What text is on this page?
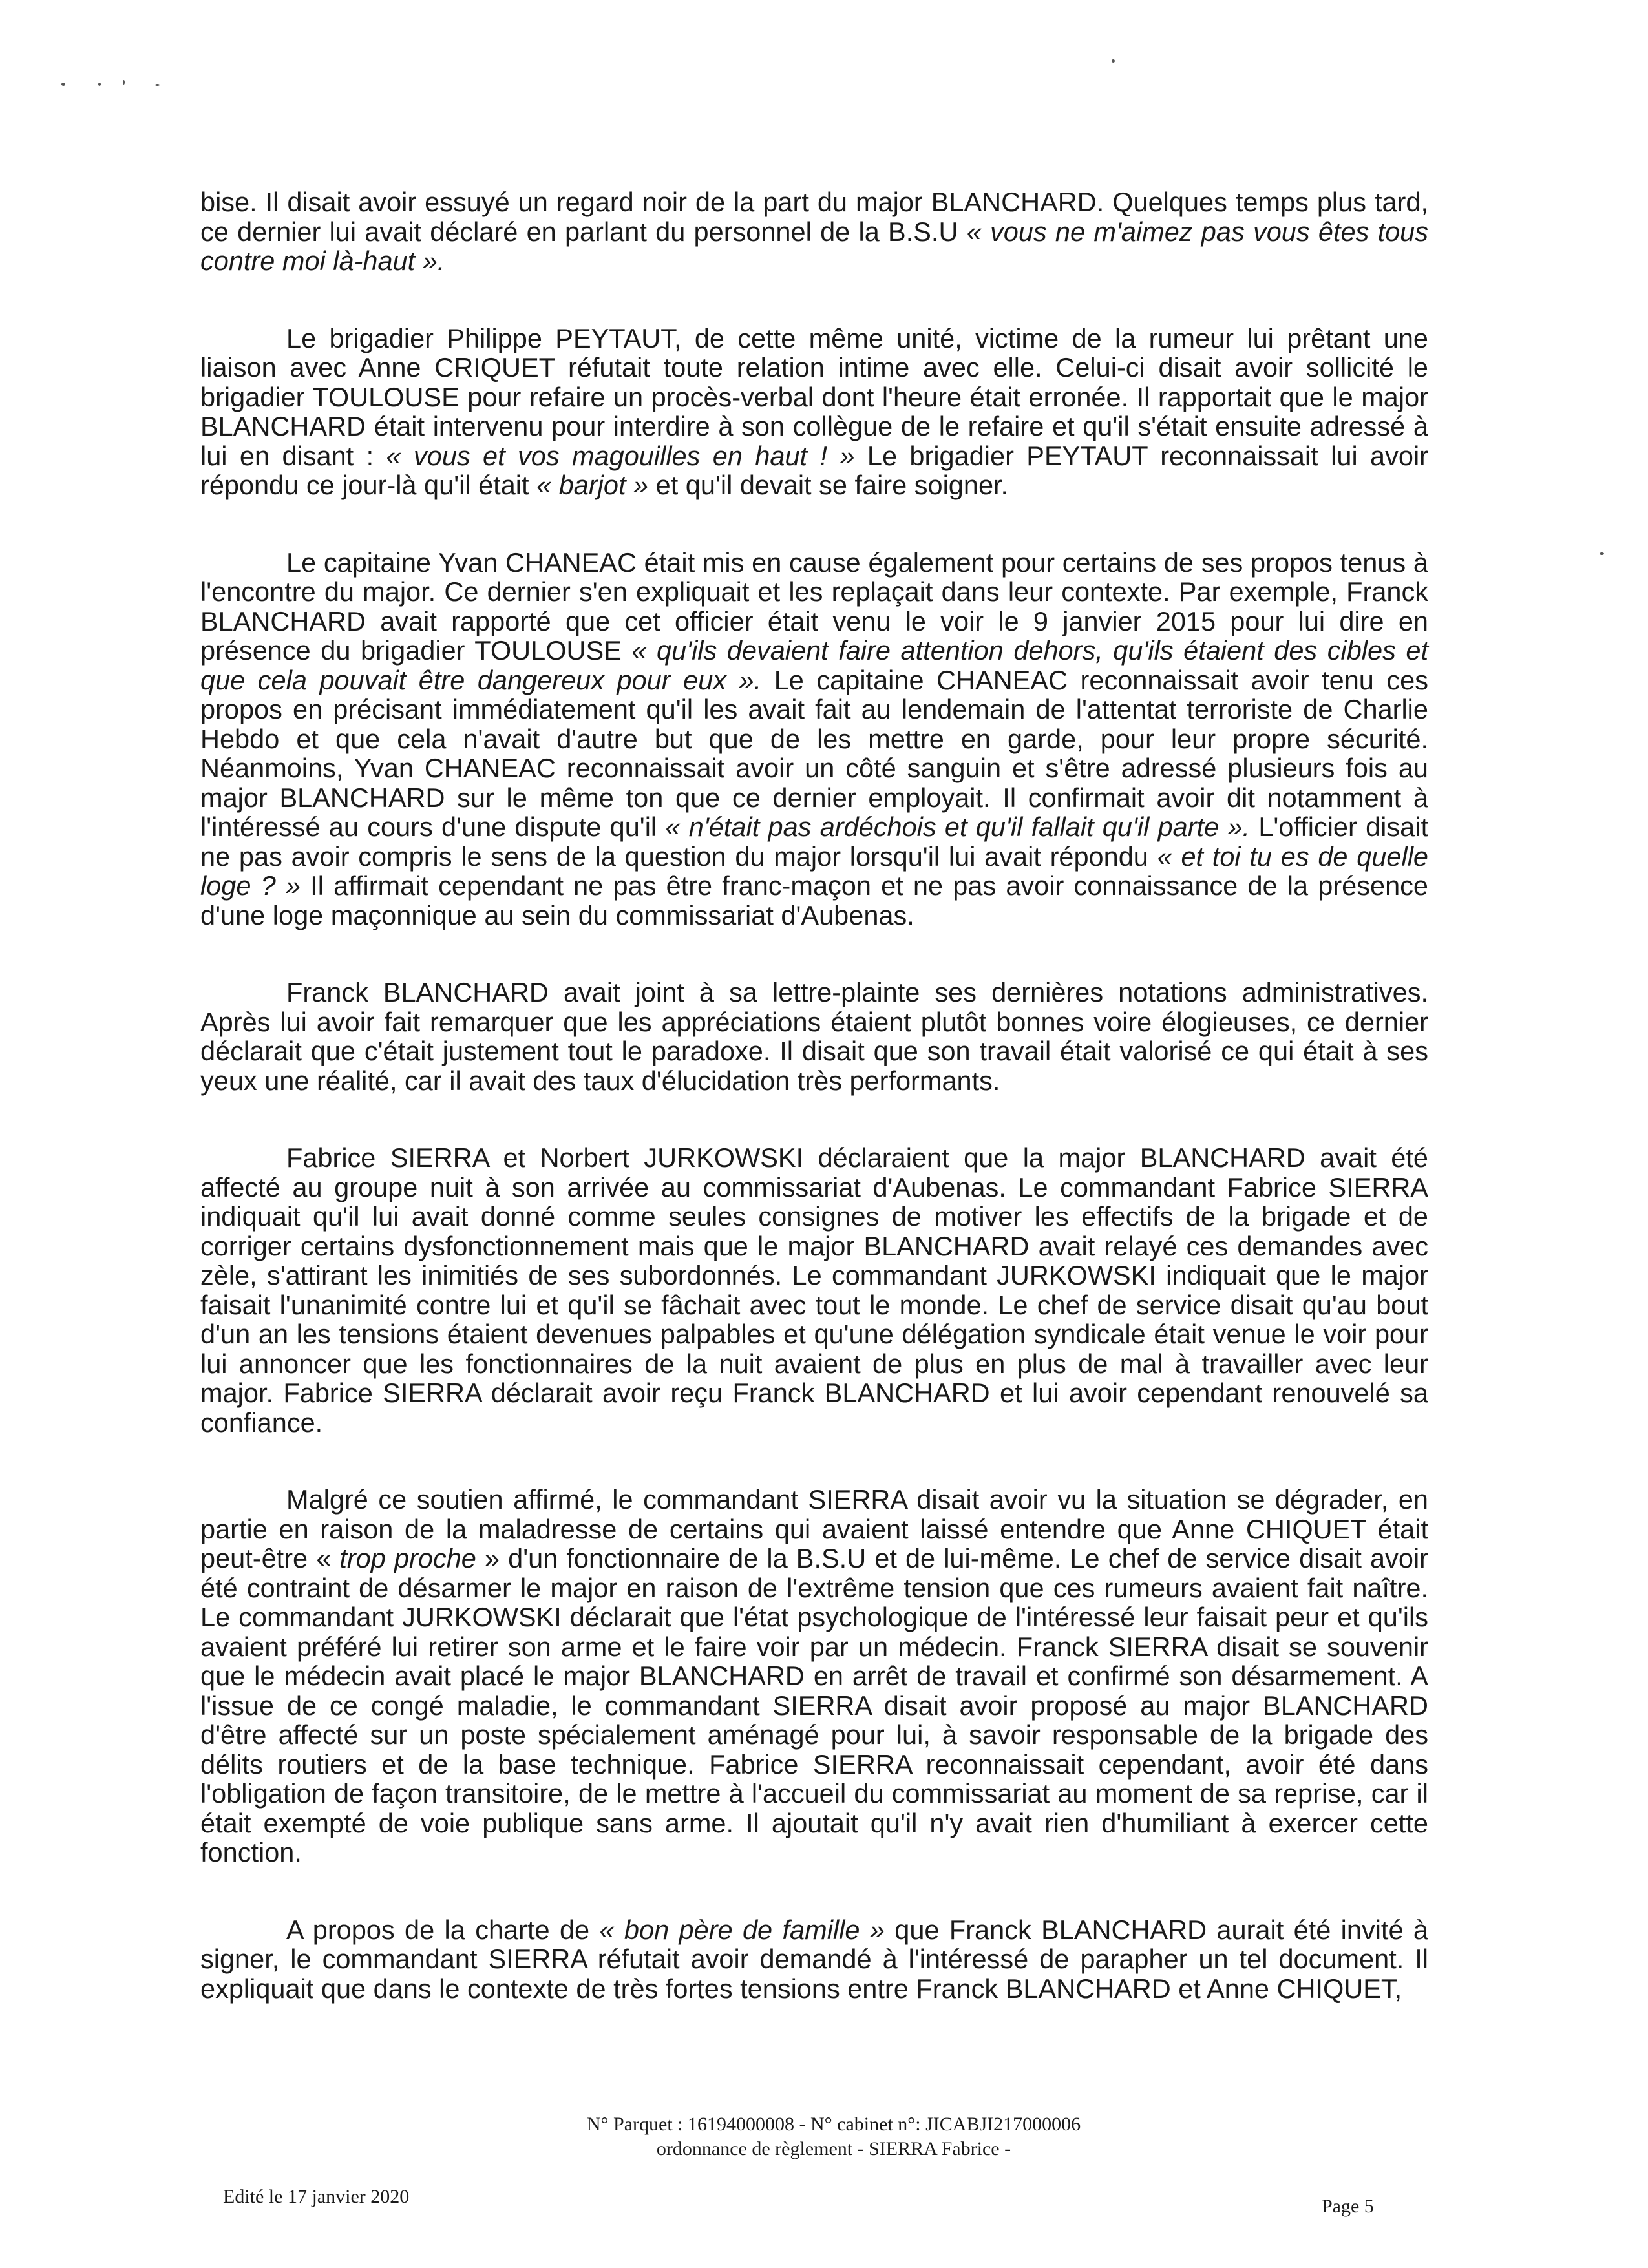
bise. Il disait avoir essuyé un regard noir de la part du major BLANCHARD. Quelques temps plus tard, ce dernier lui avait déclaré en parlant du personnel de la B.S.U « vous ne m'aimez pas vous êtes tous contre moi là-haut ».

Le brigadier Philippe PEYTAUT, de cette même unité, victime de la rumeur lui prêtant une liaison avec Anne CRIQUET réfutait toute relation intime avec elle. Celui-ci disait avoir sollicité le brigadier TOULOUSE pour refaire un procès-verbal dont l'heure était erronée. Il rapportait que le major BLANCHARD était intervenu pour interdire à son collègue de le refaire et qu'il s'était ensuite adressé à lui en disant : « vous et vos magouilles en haut ! » Le brigadier PEYTAUT reconnaissait lui avoir répondu ce jour-là qu'il était « barjot » et qu'il devait se faire soigner.

Le capitaine Yvan CHANEAC était mis en cause également pour certains de ses propos tenus à l'encontre du major. Ce dernier s'en expliquait et les replaçait dans leur contexte. Par exemple, Franck BLANCHARD avait rapporté que cet officier était venu le voir le 9 janvier 2015 pour lui dire en présence du brigadier TOULOUSE « qu'ils devaient faire attention dehors, qu'ils étaient des cibles et que cela pouvait être dangereux pour eux ». Le capitaine CHANEAC reconnaissait avoir tenu ces propos en précisant immédiatement qu'il les avait fait au lendemain de l'attentat terroriste de Charlie Hebdo et que cela n'avait d'autre but que de les mettre en garde, pour leur propre sécurité. Néanmoins, Yvan CHANEAC reconnaissait avoir un côté sanguin et s'être adressé plusieurs fois au major BLANCHARD sur le même ton que ce dernier employait. Il confirmait avoir dit notamment à l'intéressé au cours d'une dispute qu'il « n'était pas ardéchois et qu'il fallait qu'il parte ». L'officier disait ne pas avoir compris le sens de la question du major lorsqu'il lui avait répondu « et toi tu es de quelle loge ? » Il affirmait cependant ne pas être franc-maçon et ne pas avoir connaissance de la présence d'une loge maçonnique au sein du commissariat d'Aubenas.

Franck BLANCHARD avait joint à sa lettre-plainte ses dernières notations administratives. Après lui avoir fait remarquer que les appréciations étaient plutôt bonnes voire élogieuses, ce dernier déclarait que c'était justement tout le paradoxe. Il disait que son travail était valorisé ce qui était à ses yeux une réalité, car il avait des taux d'élucidation très performants.

Fabrice SIERRA et Norbert JURKOWSKI déclaraient que la major BLANCHARD avait été affecté au groupe nuit à son arrivée au commissariat d'Aubenas. Le commandant Fabrice SIERRA indiquait qu'il lui avait donné comme seules consignes de motiver les effectifs de la brigade et de corriger certains dysfonctionnement mais que le major BLANCHARD avait relayé ces demandes avec zèle, s'attirant les inimitiés de ses subordonnés. Le commandant JURKOWSKI indiquait que le major faisait l'unanimité contre lui et qu'il se fâchait avec tout le monde. Le chef de service disait qu'au bout d'un an les tensions étaient devenues palpables et qu'une délégation syndicale était venue le voir pour lui annoncer que les fonctionnaires de la nuit avaient de plus en plus de mal à travailler avec leur major. Fabrice SIERRA déclarait avoir reçu Franck BLANCHARD et lui avoir cependant renouvelé sa confiance.

Malgré ce soutien affirmé, le commandant SIERRA disait avoir vu la situation se dégrader, en partie en raison de la maladresse de certains qui avaient laissé entendre que Anne CHIQUET était peut-être « trop proche » d'un fonctionnaire de la B.S.U et de lui-même. Le chef de service disait avoir été contraint de désarmer le major en raison de l'extrême tension que ces rumeurs avaient fait naître. Le commandant JURKOWSKI déclarait que l'état psychologique de l'intéressé leur faisait peur et qu'ils avaient préféré lui retirer son arme et le faire voir par un médecin. Franck SIERRA disait se souvenir que le médecin avait placé le major BLANCHARD en arrêt de travail et confirmé son désarmement. A l'issue de ce congé maladie, le commandant SIERRA disait avoir proposé au major BLANCHARD d'être affecté sur un poste spécialement aménagé pour lui, à savoir responsable de la brigade des délits routiers et de la base technique. Fabrice SIERRA reconnaissait cependant, avoir été dans l'obligation de façon transitoire, de le mettre à l'accueil du commissariat au moment de sa reprise, car il était exempté de voie publique sans arme. Il ajoutait qu'il n'y avait rien d'humiliant à exercer cette fonction.

A propos de la charte de « bon père de famille » que Franck BLANCHARD aurait été invité à signer, le commandant SIERRA réfutait avoir demandé à l'intéressé de parapher un tel document. Il expliquait que dans le contexte de très fortes tensions entre Franck BLANCHARD et Anne CHIQUET,

N° Parquet : 16194000008 - N° cabinet n°: JICABJI217000006
ordonnance de règlement - SIERRA Fabrice -
Edité le 17 janvier 2020	Page 5
